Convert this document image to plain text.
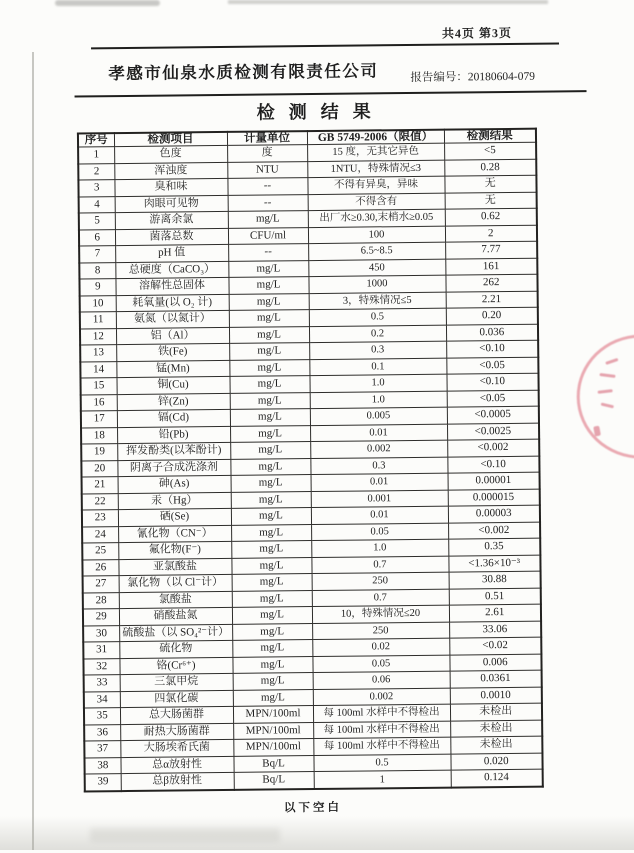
共4页 第3页
孝感市仙泉水质检测有限责任公司	报告编号：20180604-079
检测结果
序号	检测项目	计量单位	GB 5749-2006（限值）	检测结果
1	色度	度	15 度，无其它异色	<5
2	浑浊度	NTU	1NTU，特殊情况≤3	0.28
3	臭和味	--	不得有异臭，异味	无
4	肉眼可见物	--	不得含有	无
5	游离余氯	mg/L	出厂水≥0.30,末梢水≥0.05	0.62
6	菌落总数	CFU/ml	100	2
7	pH 值	--	6.5~8.5	7.77
8	总硬度（CaCO₃）	mg/L	450	161
9	溶解性总固体	mg/L	1000	262
10	耗氧量(以 O₂ 计)	mg/L	3，特殊情况≤5	2.21
11	氨氮（以氮计）	mg/L	0.5	0.20
12	铝（Al）	mg/L	0.2	0.036
13	铁(Fe)	mg/L	0.3	<0.10
14	锰(Mn)	mg/L	0.1	<0.05
15	铜(Cu)	mg/L	1.0	<0.10
16	锌(Zn)	mg/L	1.0	<0.05
17	镉(Cd)	mg/L	0.005	<0.0005
18	铅(Pb)	mg/L	0.01	<0.0025
19	挥发酚类(以苯酚计)	mg/L	0.002	<0.002
20	阴离子合成洗涤剂	mg/L	0.3	<0.10
21	砷(As)	mg/L	0.01	0.00001
22	汞（Hg）	mg/L	0.001	0.000015
23	硒(Se)	mg/L	0.01	0.00003
24	氰化物（CN⁻）	mg/L	0.05	<0.002
25	氟化物(F⁻)	mg/L	1.0	0.35
26	亚氯酸盐	mg/L	0.7	<1.36×10⁻³
27	氯化物（以 Cl⁻计）	mg/L	250	30.88
28	氯酸盐	mg/L	0.7	0.51
29	硝酸盐氮	mg/L	10，特殊情况≤20	2.61
30	硫酸盐（以 SO₄²⁻计）	mg/L	250	33.06
31	硫化物	mg/L	0.02	<0.02
32	铬(Cr⁶⁺)	mg/L	0.05	0.006
33	三氯甲烷	mg/L	0.06	0.0361
34	四氯化碳	mg/L	0.002	0.0010
35	总大肠菌群	MPN/100ml	每 100ml 水样中不得检出	未检出
36	耐热大肠菌群	MPN/100ml	每 100ml 水样中不得检出	未检出
37	大肠埃希氏菌	MPN/100ml	每 100ml 水样中不得检出	未检出
38	总α放射性	Bq/L	0.5	0.020
39	总β放射性	Bq/L	1	0.124
以下空白
